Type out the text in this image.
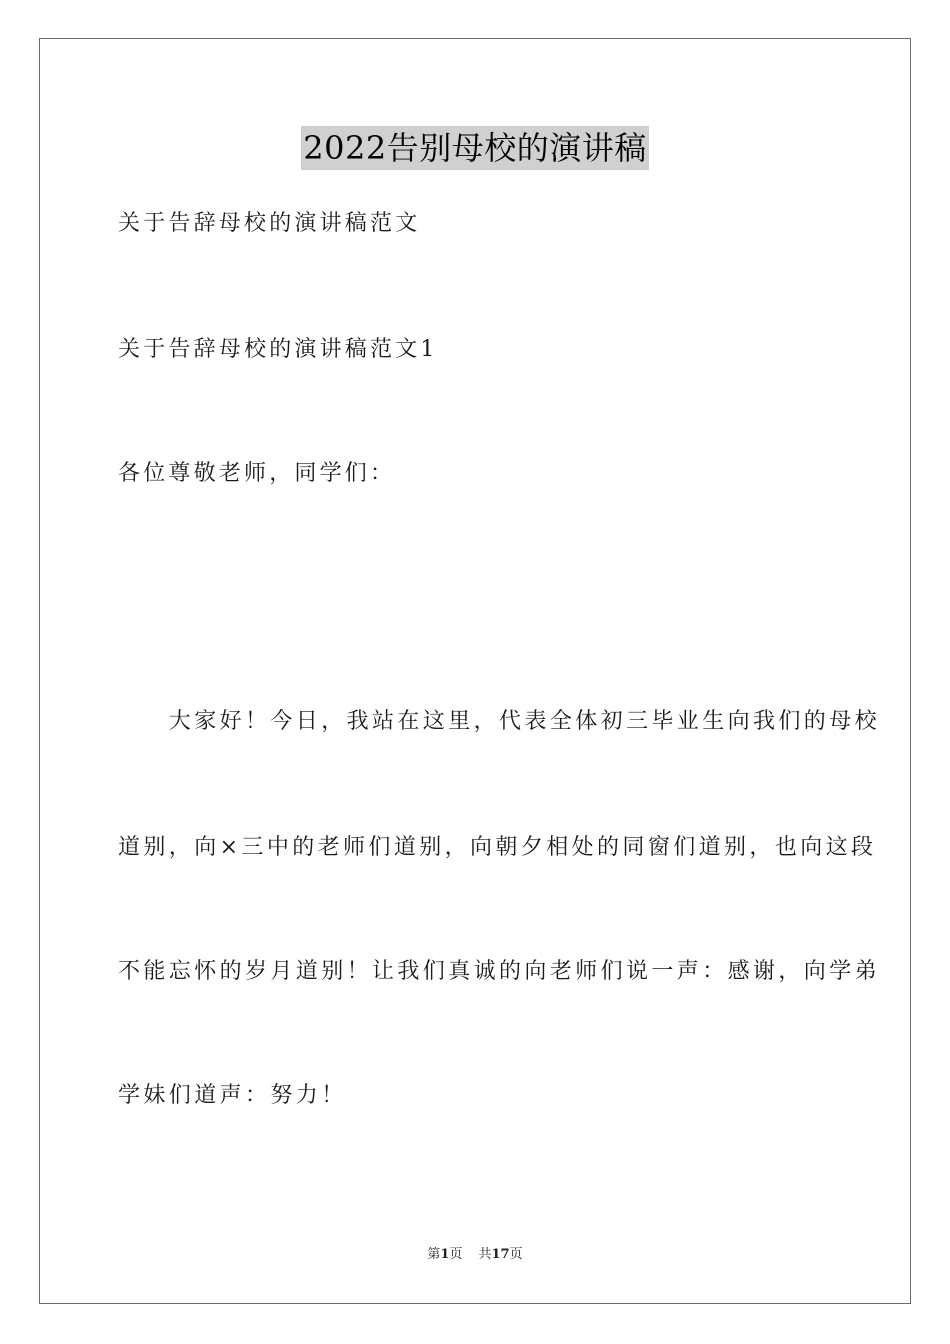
2022告别母校的演讲稿
关于告辞母校的演讲稿范文
关于告辞母校的演讲稿范文1
各位尊敬老师，同学们：
　　大家好！今日，我站在这里，代表全体初三毕业生向我们的母校
道别，向×三中的老师们道别，向朝夕相处的同窗们道别，也向这段
不能忘怀的岁月道别！让我们真诚的向老师们说一声：感谢，向学弟
学妹们道声：努力！
第1页 共17页
